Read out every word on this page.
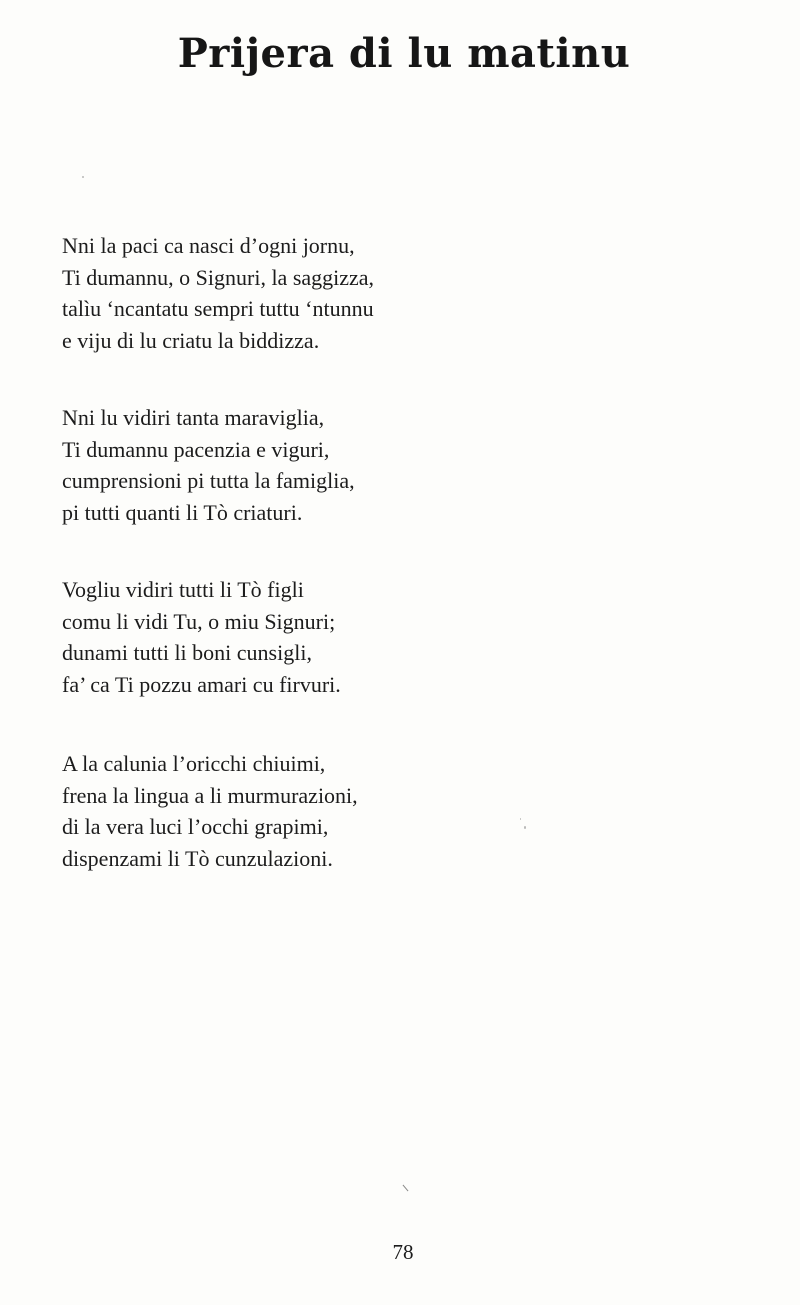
Prijera di lu matinu
Nni la paci ca nasci d’ogni jornu,
Ti dumannu, o Signuri, la saggizza,
talìu ‘ncantatu sempri tuttu ‘ntunnu
e viju di lu criatu la biddizza.
Nni lu vidiri tanta maraviglia,
Ti dumannu pacenzia e viguri,
cumprensioni pi tutta la famiglia,
pi tutti quanti li Tò criaturi.
Vogliu vidiri tutti li Tò figli
comu li vidi Tu, o miu Signuri;
dunami tutti li boni cunsigli,
fa’ ca Ti pozzu amari cu firvuri.
A la calunia l’oricchi chiuimi,
frena la lingua a li murmurazioni,
di la vera luci l’occhi grapimi,
dispenzami li Tò cunzulazioni.

78
